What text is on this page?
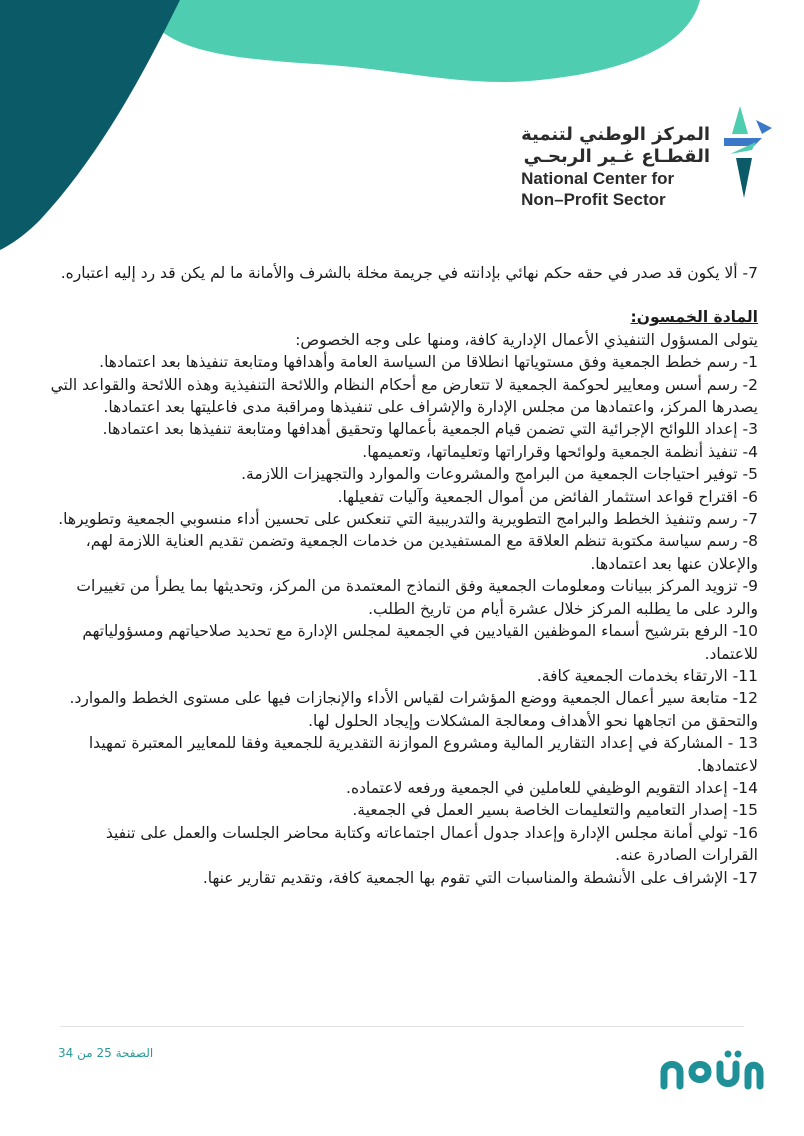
المركز الوطني لتنمية
القطـاع غـير الربحـي
National Center for
Non–Profit Sector

7- ألا يكون قد صدر في حقه حكم نهائي بإدانته في جريمة مخلة بالشرف والأمانة ما لم يكن قد رد إليه اعتباره.

المادة الخمسون:

يتولى المسؤول التنفيذي الأعمال الإدارية كافة، ومنها على وجه الخصوص:

1- رسم خطط الجمعية وفق مستوياتها انطلاقا من السياسة العامة وأهدافها ومتابعة تنفيذها بعد اعتمادها.

2- رسم أسس ومعايير لحوكمة الجمعية لا تتعارض مع أحكام النظام واللائحة التنفيذية وهذه اللائحة والقواعد التي يصدرها المركز، واعتمادها من مجلس الإدارة والإشراف على تنفيذها ومراقبة مدى فاعليتها بعد اعتمادها.

3- إعداد اللوائح الإجرائية التي تضمن قيام الجمعية بأعمالها وتحقيق أهدافها ومتابعة تنفيذها بعد اعتمادها.

4- تنفيذ أنظمة الجمعية ولوائحها وقراراتها وتعليماتها، وتعميمها.

5- توفير احتياجات الجمعية من البرامج والمشروعات والموارد والتجهيزات اللازمة.

6- اقتراح قواعد استثمار الفائض من أموال الجمعية وآليات تفعيلها.

7- رسم وتنفيذ الخطط والبرامج التطويرية والتدريبية التي تنعكس على تحسين أداء منسوبي الجمعية وتطويرها.

8- رسم سياسة مكتوبة تنظم العلاقة مع المستفيدين من خدمات الجمعية وتضمن تقديم العناية اللازمة لهم، والإعلان عنها بعد اعتمادها.

9- تزويد المركز ببيانات ومعلومات الجمعية وفق النماذج المعتمدة من المركز، وتحديثها بما يطرأ من تغييرات والرد على ما يطلبه المركز خلال عشرة أيام من تاريخ الطلب.

10- الرفع بترشيح أسماء الموظفين القياديين في الجمعية لمجلس الإدارة مع تحديد صلاحياتهم ومسؤولياتهم للاعتماد.

11- الارتقاء بخدمات الجمعية كافة.

12- متابعة سير أعمال الجمعية ووضع المؤشرات لقياس الأداء والإنجازات فيها على مستوى الخطط والموارد. والتحقق من اتجاهها نحو الأهداف ومعالجة المشكلات وإيجاد الحلول لها.

13 - المشاركة في إعداد التقارير المالية ومشروع الموازنة التقديرية للجمعية وفقا للمعايير المعتبرة تمهيدا لاعتمادها.

14- إعداد التقويم الوظيفي للعاملين في الجمعية ورفعه لاعتماده.

15- إصدار التعاميم والتعليمات الخاصة بسير العمل في الجمعية.

16- تولي أمانة مجلس الإدارة وإعداد جدول أعمال اجتماعاته وكتابة محاضر الجلسات والعمل على تنفيذ القرارات الصادرة عنه.

17- الإشراف على الأنشطة والمناسبات التي تقوم بها الجمعية كافة، وتقديم تقارير عنها.

الصفحة 25 من 34
